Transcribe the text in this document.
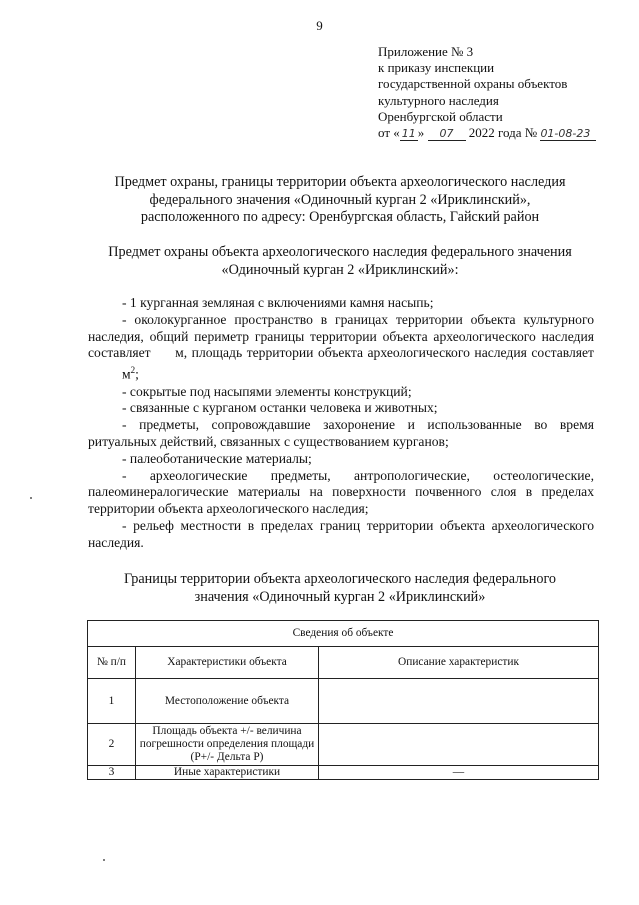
9
Приложение № 3
к приказу инспекции
государственной охраны объектов
культурного наследия
Оренбургской области
от « 11 » 07 2022 года № 01-08-23
Предмет охраны, границы территории объекта археологического наследия
федерального значения «Одиночный курган 2 «Ириклинский»,
расположенного по адресу: Оренбургская область, Гайский район
Предмет охраны объекта археологического наследия федерального значения
«Одиночный курган 2 «Ириклинский»:

- 1 курганная земляная с включениями камня насыпь;

- околокурганное пространство в границах территории объекта культурного наследия, общий периметр границы территории объекта археологического наследия составляет м, площадь территории объекта археологического наследия составляет $м^2$;

- сокрытые под насыпями элементы конструкций;

- связанные с курганом останки человека и животных;

- предметы, сопровождавшие захоронение и использованные во время ритуальных действий, связанных с существованием курганов;

- палеоботанические материалы;

- археологические предметы, антропологические, остеологические, палеоминералогические материалы на поверхности почвенного слоя в пределах территории объекта археологического наследия;

- рельеф местности в пределах границ территории объекта археологического наследия.

Границы территории объекта археологического наследия федерального
значения «Одиночный курган 2 «Ириклинский»
Сведения об объекте		
№ п/п	Характеристики объекта	Описание характеристик
1	Местоположение объекта	
2	Площадь объекта +/- величина погрешности определения площади (Р+/- Дельта Р)	
3	Иные характеристики	—
